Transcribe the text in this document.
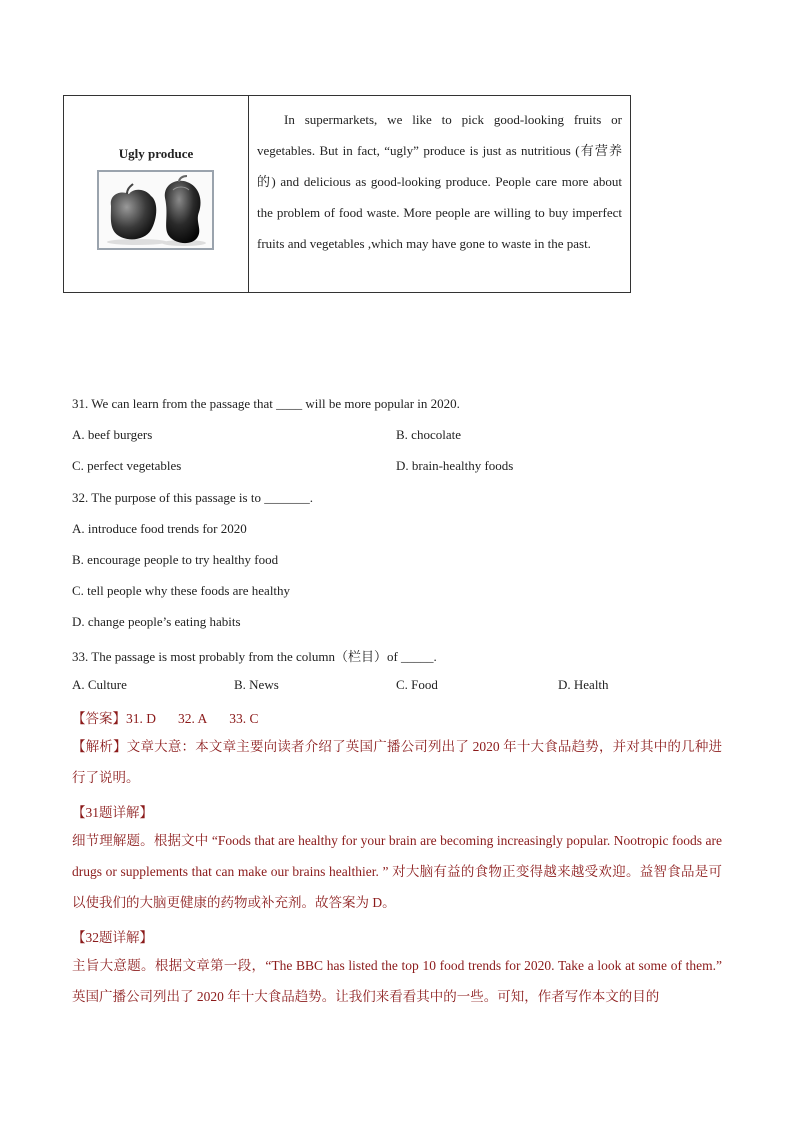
Ugly produce

In supermarkets, we like to pick good-looking fruits or vegetables. But in fact, “ugly” produce is just as nutritious (有营养的) and delicious as good-looking produce. People care more about the problem of food waste. More people are willing to buy imperfect fruits and vegetables ,which may have gone to waste in the past.

31. We can learn from the passage that ____ will be more popular in 2020.
A. beef burgers	B. chocolate
C. perfect vegetables	D. brain-healthy foods
32. The purpose of this passage is to _______.
A. introduce food trends for 2020
B. encourage people to try healthy food
C. tell people why these foods are healthy
D. change people’s eating habits
33. The passage is most probably from the column（栏目）of _____.
A. Culture	B. News	C. Food	D. Health
【答案】31. D 32. A 33. C
【解析】文章大意：本文章主要向读者介绍了英国广播公司列出了 2020 年十大食品趋势，并对其中的几种进行了说明。
【31题详解】
细节理解题。根据文中 “Foods that are healthy for your brain are becoming increasingly popular. Nootropic foods are drugs or supplements that can make our brains healthier. ” 对大脑有益的食物正变得越来越受欢迎。益智食品是可以使我们的大脑更健康的药物或补充剂。故答案为 D。
【32题详解】
主旨大意题。根据文章第一段，“The BBC has listed the top 10 food trends for 2020. Take a look at some of them.” 英国广播公司列出了 2020 年十大食品趋势。让我们来看看其中的一些。可知，作者写作本文的目的
